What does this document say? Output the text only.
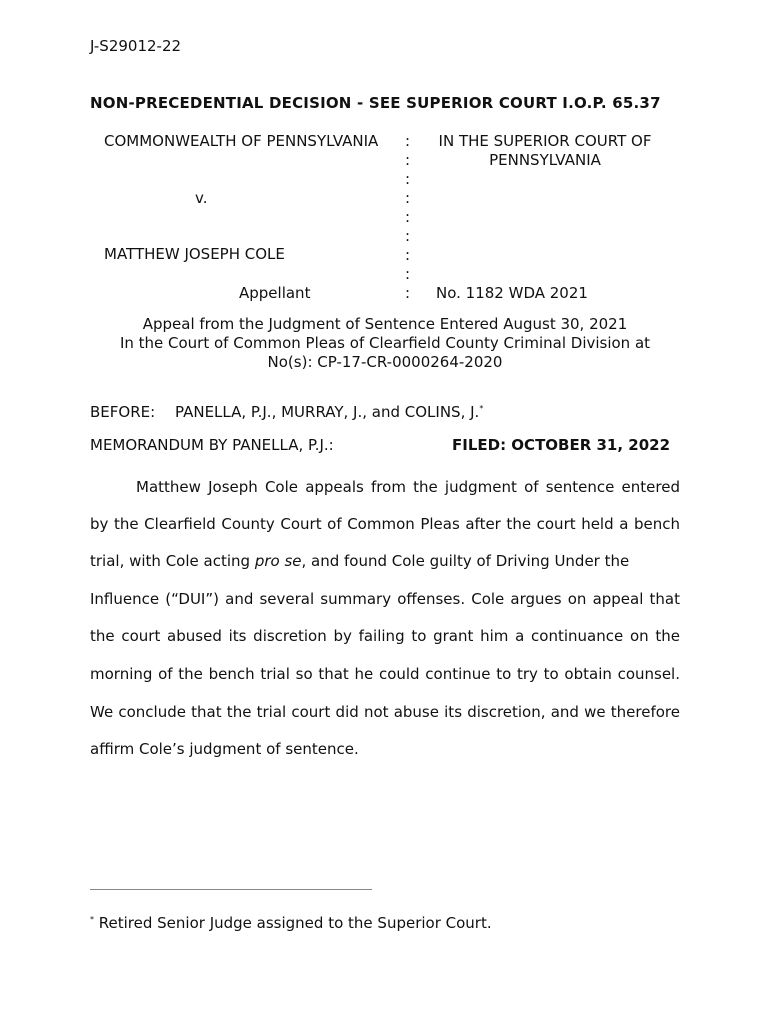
J-S29012-22
NON-PRECEDENTIAL DECISION - SEE SUPERIOR COURT I.O.P. 65.37
COMMONWEALTH OF PENNSYLVANIA
v.
MATTHEW JOSEPH COLE
Appellant
:
:
:
:
:
:
:
:
:
IN THE SUPERIOR COURT OF
PENNSYLVANIA
No. 1182 WDA 2021
Appeal from the Judgment of Sentence Entered August 30, 2021
In the Court of Common Pleas of Clearfield County Criminal Division at
No(s): CP-17-CR-0000264-2020
BEFORE: PANELLA, P.J., MURRAY, J., and COLINS, J.*
MEMORANDUM BY PANELLA, P.J.:	FILED: OCTOBER 31, 2022
Matthew Joseph Cole appeals from the judgment of sentence entered
by the Clearfield County Court of Common Pleas after the court held a bench
trial, with Cole acting pro se, and found Cole guilty of Driving Under the
Influence (“DUI”) and several summary offenses. Cole argues on appeal that
the court abused its discretion by failing to grant him a continuance on the
morning of the bench trial so that he could continue to try to obtain counsel.
We conclude that the trial court did not abuse its discretion, and we therefore
affirm Cole’s judgment of sentence.
* Retired Senior Judge assigned to the Superior Court.
